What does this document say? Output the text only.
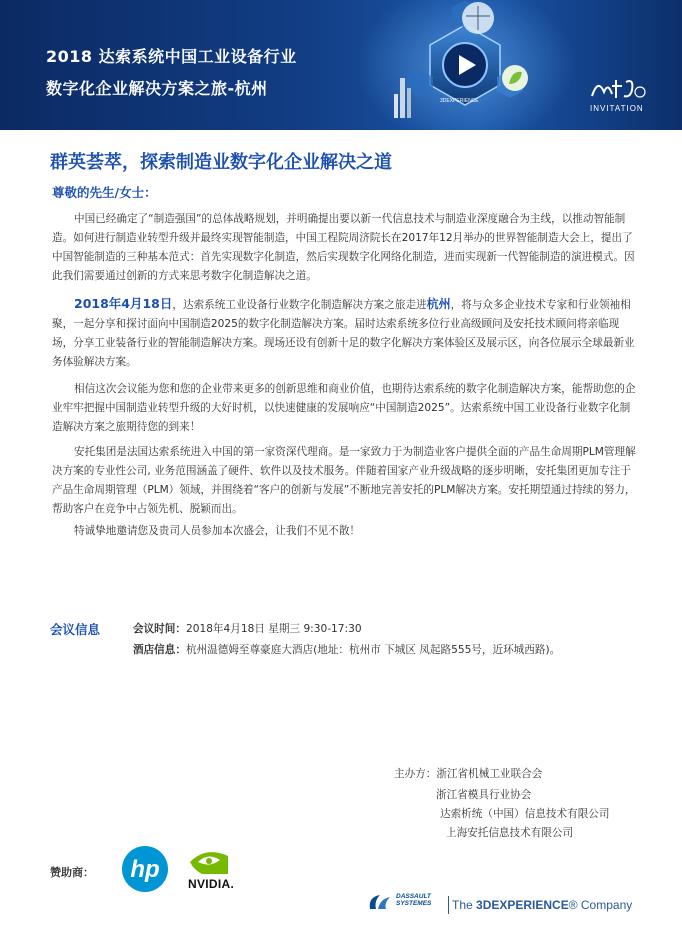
2018 达索系统中国工业设备行业
数字化企业解决方案之旅-杭州
3DEXPERIENCE
INVITATION
群英荟萃，探索制造业数字化企业解决之道
尊敬的先生/女士：
中国已经确定了“制造强国”的总体战略规划，并明确提出要以新一代信息技术与制造业深度融合为主线，以推动智能制造。如何进行制造业转型升级并最终实现智能制造，中国工程院周济院长在2017年12月举办的世界智能制造大会上，提出了中国智能制造的三种基本范式：首先实现数字化制造，然后实现数字化网络化制造，进而实现新一代智能制造的演进模式。因此我们需要通过创新的方式来思考数字化制造解决之道。
2018年4月18日，达索系统工业设备行业数字化制造解决方案之旅走进杭州，将与众多企业技术专家和行业领袖相聚，一起分享和探讨面向中国制造2025的数字化制造解决方案。届时达索系统多位行业高级顾问及安托技术顾问将亲临现场，分享工业装备行业的智能制造解决方案。现场还设有创新十足的数字化解决方案体验区及展示区，向各位展示全球最新业务体验解决方案。
相信这次会议能为您和您的企业带来更多的创新思维和商业价值，也期待达索系统的数字化制造解决方案，能帮助您的企业牢牢把握中国制造业转型升级的大好时机，以快速健康的发展响应“中国制造2025”。达索系统中国工业设备行业数字化制造解决方案之旅期待您的到来！
安托集团是法国达索系统进入中国的第一家资深代理商。是一家致力于为制造业客户提供全面的产品生命周期PLM管理解决方案的专业性公司, 业务范围涵盖了硬件、软件以及技术服务。伴随着国家产业升级战略的逐步明晰，安托集团更加专注于产品生命周期管理（PLM）领域，并围绕着“客户的创新与发展”不断地完善安托的PLM解决方案。安托期望通过持续的努力，帮助客户在竞争中占领先机、脱颖而出。
特诚挚地邀请您及贵司人员参加本次盛会，让我们不见不散！
会议信息	会议时间：2018年4月18日 星期三 9:30-17:30
酒店信息：杭州温德姆至尊豪庭大酒店(地址：杭州市 下城区 凤起路555号，近环城西路)。
主办方：浙江省机械工业联合会
浙江省模具行业协会
达索析统（中国）信息技术有限公司
上海安托信息技术有限公司
赞助商： hp
NVIDIA.
DASSAULT
SYSTEMES The 3DEXPERIENCE® Company
